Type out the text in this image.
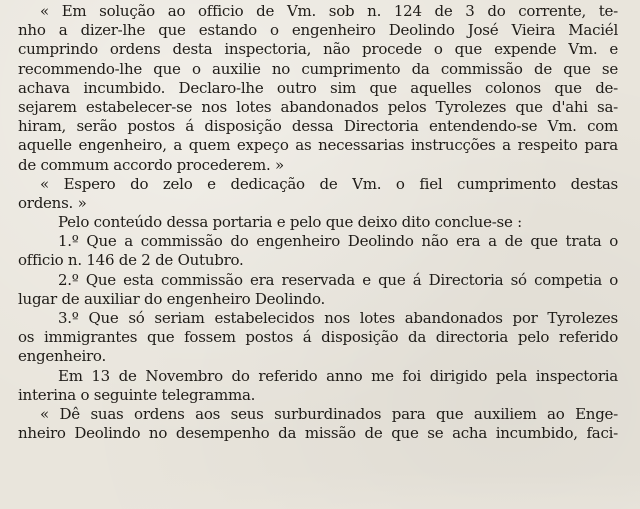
« Em solução ao officio de Vm. sob n. 124 de 3 do corrente, te-
nho a dizer-lhe que estando o engenheiro Deolindo José Vieira Maciél
cumprindo ordens desta inspectoria, não procede o que expende Vm. e
recommendo-lhe que o auxilie no cumprimento da commissão de que se
achava incumbido. Declaro-lhe outro sim que aquelles colonos que de-
sejarem estabelecer-se nos lotes abandonados pelos Tyrolezes que d'ahi sa-
hiram, serão postos á disposição dessa Directoria entendendo-se Vm. com
aquelle engenheiro, a quem expeço as necessarias instrucções a respeito para
de commum accordo procederem. »
« Espero do zelo e dedicação de Vm. o fiel cumprimento destas
ordens. »
Pelo conteúdo dessa portaria e pelo que deixo dito conclue-se :
1.º Que a commissão do engenheiro Deolindo não era a de que trata o
officio n. 146 de 2 de Outubro.
2.º Que esta commissão era reservada e que á Directoria só competia o
lugar de auxiliar do engenheiro Deolindo.
3.º Que só seriam estabelecidos nos lotes abandonados por Tyrolezes
os immigrantes que fossem postos á disposição da directoria pelo referido
engenheiro.
Em 13 de Novembro do referido anno me foi dirigido pela inspectoria
interina o seguinte telegramma.
« Dê suas ordens aos seus surburdinados para que auxiliem ao Enge-
nheiro Deolindo no desempenho da missão de que se acha incumbido, faci-
